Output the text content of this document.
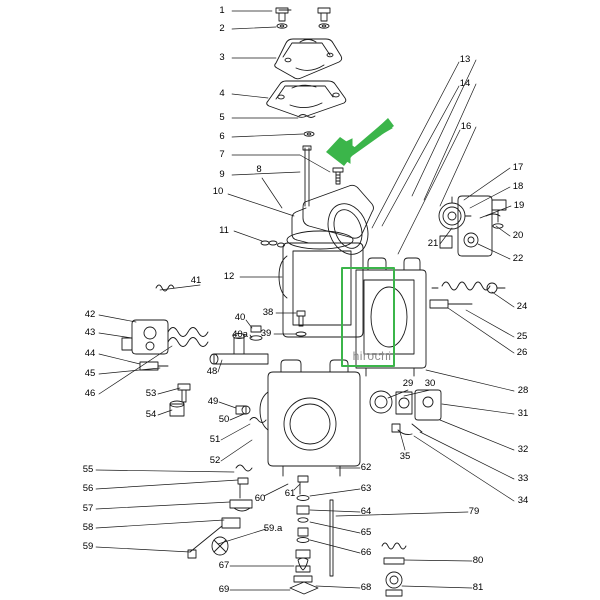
1
2
3
4
5
6
7
8
9
10
11
12
13
14
16
17
18
19
20
21
22
24
25
26
28
29 30
31
32
33
34
35
38
39
40
40a
41
42
43
44
45
46
48
49
50
51
52
53
54
55
56
57
58
59
59.a
60 61
62
63
64
65
66
67
68
69
79
80
81
hirochi
